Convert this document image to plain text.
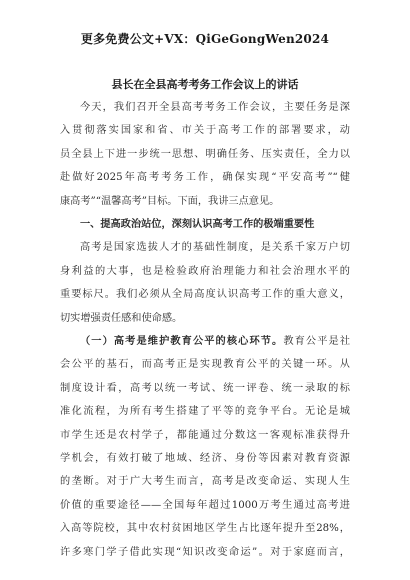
更多免费公文+VX：QiGeGongWen2024
县长在全县高考考务工作会议上的讲话
今天，我们召开全县高考考务工作会议，主要任务是深
入贯彻落实国家和省、市关于高考工作的部署要求，动
员全县上下进一步统一思想、明确任务、压实责任，全力以
赴做好2025年高考考务工作，确保实现“平安高考”“健
康高考”“温馨高考”目标。下面，我讲三点意见。
一、提高政治站位，深刻认识高考工作的极端重要性
高考是国家选拔人才的基础性制度，是关系千家万户切
身利益的大事，也是检验政府治理能力和社会治理水平的
重要标尺。我们必须从全局高度认识高考工作的重大意义，
切实增强责任感和使命感。
（一）高考是维护教育公平的核心环节。教育公平是社
会公平的基石，而高考正是实现教育公平的关键一环。从
制度设计看，高考以统一考试、统一评卷、统一录取的标
准化流程，为所有考生搭建了平等的竞争平台。无论是城
市学生还是农村学子，都能通过分数这一客观标准获得升
学机会，有效打破了地域、经济、身份等因素对教育资源
的垄断。对于广大考生而言，高考是改变命运、实现人生
价值的重要途径——全国每年超过1000万考生通过高考进
入高等院校，其中农村贫困地区学生占比逐年提升至28%，
许多寒门学子借此实现“知识改变命运”。对于家庭而言，
